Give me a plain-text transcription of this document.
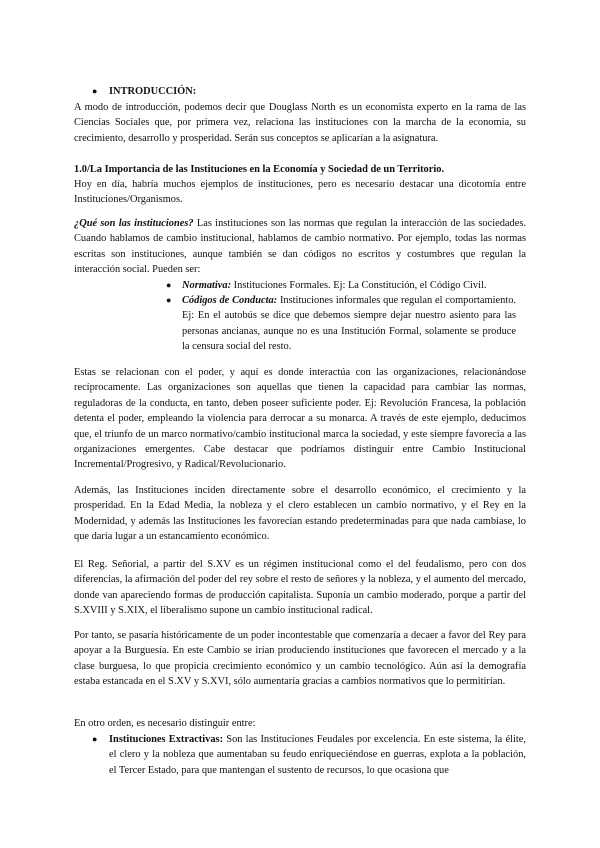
● INTRODUCCIÓN:

A modo de introducción, podemos decir que Douglass North es un economista experto en la rama de las Ciencias Sociales que, por primera vez, relaciona las instituciones con la marcha de la economía, su crecimiento, desarrollo y prosperidad. Serán sus conceptos se aplicarían a la asignatura.

1.0/La Importancia de las Instituciones en la Economía y Sociedad de un Territorio.

Hoy en día, habría muchos ejemplos de instituciones, pero es necesario destacar una dicotomía entre Instituciones/Organismos.

¿Qué son las instituciones? Las instituciones son las normas que regulan la interacción de las sociedades. Cuando hablamos de cambio institucional, hablamos de cambio normativo. Por ejemplo, todas las normas escritas son instituciones, aunque también se dan códigos no escritos y costumbres que regulan la interacción social. Pueden ser:

● Normativa: Instituciones Formales. Ej: La Constitución, el Código Civil.

● Códigos de Conducta: Instituciones informales que regulan el comportamiento. Ej: En el autobús se dice que debemos siempre dejar nuestro asiento para las personas ancianas, aunque no es una Institución Formal, solamente se produce la censura social del resto.

Estas se relacionan con el poder, y aquí es donde interactúa con las organizaciones, relacionándose recíprocamente. Las organizaciones son aquellas que tienen la capacidad para cambiar las normas, reguladoras de la conducta, en tanto, deben poseer suficiente poder. Ej: Revolución Francesa, la población detenta el poder, empleando la violencia para derrocar a su monarca. A través de este ejemplo, deducimos que, el triunfo de un marco normativo/cambio institucional marca la sociedad, y este siempre favorecía a las organizaciones emergentes. Cabe destacar que podríamos distinguir entre Cambio Institucional Incremental/Progresivo, y Radical/Revolucionario.

Además, las Instituciones inciden directamente sobre el desarrollo económico, el crecimiento y la prosperidad. En la Edad Media, la nobleza y el clero establecen un cambio normativo, y el Rey en la Modernidad, y además las Instituciones les favorecían estando predeterminadas para que nada cambiase, lo que daría lugar a un estancamiento económico.

El Reg. Señorial, a partir del S.XV es un régimen institucional como el del feudalismo, pero con dos diferencias, la afirmación del poder del rey sobre el resto de señores y la nobleza, y el aumento del mercado, donde van apareciendo formas de producción capitalista. Suponía un cambio moderado, porque a partir del S.XVIII y S.XIX, el liberalismo supone un cambio institucional radical.

Por tanto, se pasaría históricamente de un poder incontestable que comenzaría a decaer a favor del Rey para apoyar a la Burguesía. En este Cambio se irían produciendo instituciones que favorecen el mercado y a la clase burguesa, lo que propicia crecimiento económico y un cambio tecnológico. Aún así la demografía estaba estancada en el S.XV y S.XVI, sólo aumentaría gracias a cambios normativos que lo permitirían.

En otro orden, es necesario distinguir entre:

● Instituciones Extractivas: Son las Instituciones Feudales por excelencia. En este sistema, la élite, el clero y la nobleza que aumentaban su feudo enriqueciéndose en guerras, explota a la población, el Tercer Estado, para que mantengan el sustento de recursos, lo que ocasiona que
